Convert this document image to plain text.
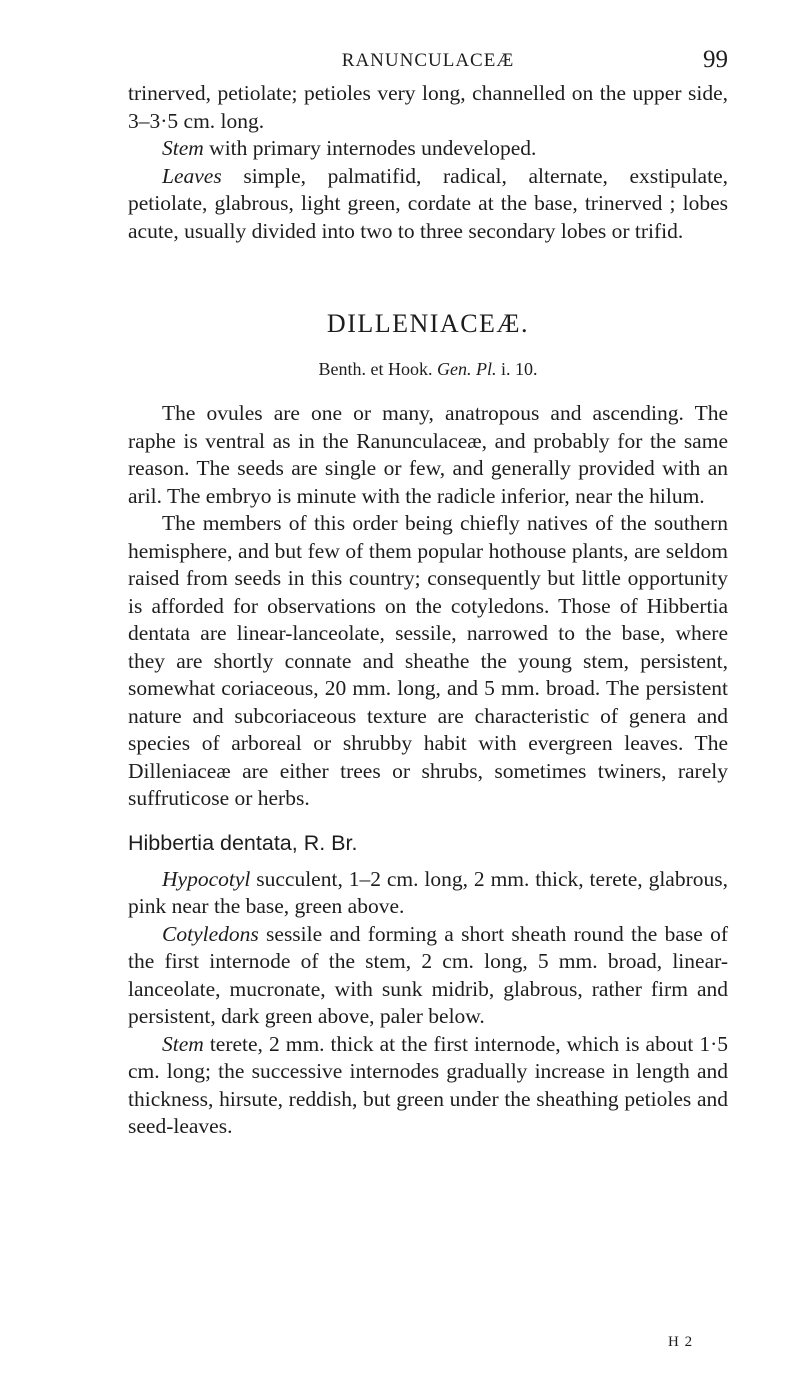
RANUNCULACEÆ	99

trinerved, petiolate; petioles very long, channelled on the upper side, 3–3·5 cm. long.

Stem with primary internodes undeveloped.

Leaves simple, palmatifid, radical, alternate, exstipulate, petiolate, glabrous, light green, cordate at the base, trinerved ; lobes acute, usually divided into two to three secondary lobes or trifid.

DILLENIACEÆ.
Benth. et Hook. Gen. Pl. i. 10.

The ovules are one or many, anatropous and ascending. The raphe is ventral as in the Ranunculaceæ, and probably for the same reason. The seeds are single or few, and generally provided with an aril. The embryo is minute with the radicle inferior, near the hilum.

The members of this order being chiefly natives of the southern hemisphere, and but few of them popular hothouse plants, are seldom raised from seeds in this country; consequently but little opportunity is afforded for observations on the cotyledons. Those of Hibbertia dentata are linear-lanceolate, sessile, narrowed to the base, where they are shortly connate and sheathe the young stem, persistent, somewhat coriaceous, 20 mm. long, and 5 mm. broad. The persistent nature and subcoriaceous texture are characteristic of genera and species of arboreal or shrubby habit with evergreen leaves. The Dilleniaceæ are either trees or shrubs, sometimes twiners, rarely suffruticose or herbs.

Hibbertia dentata, R. Br.

Hypocotyl succulent, 1–2 cm. long, 2 mm. thick, terete, glabrous, pink near the base, green above.

Cotyledons sessile and forming a short sheath round the base of the first internode of the stem, 2 cm. long, 5 mm. broad, linear-lanceolate, mucronate, with sunk midrib, glabrous, rather firm and persistent, dark green above, paler below.

Stem terete, 2 mm. thick at the first internode, which is about 1·5 cm. long; the successive internodes gradually increase in length and thickness, hirsute, reddish, but green under the sheathing petioles and seed-leaves.

H 2
